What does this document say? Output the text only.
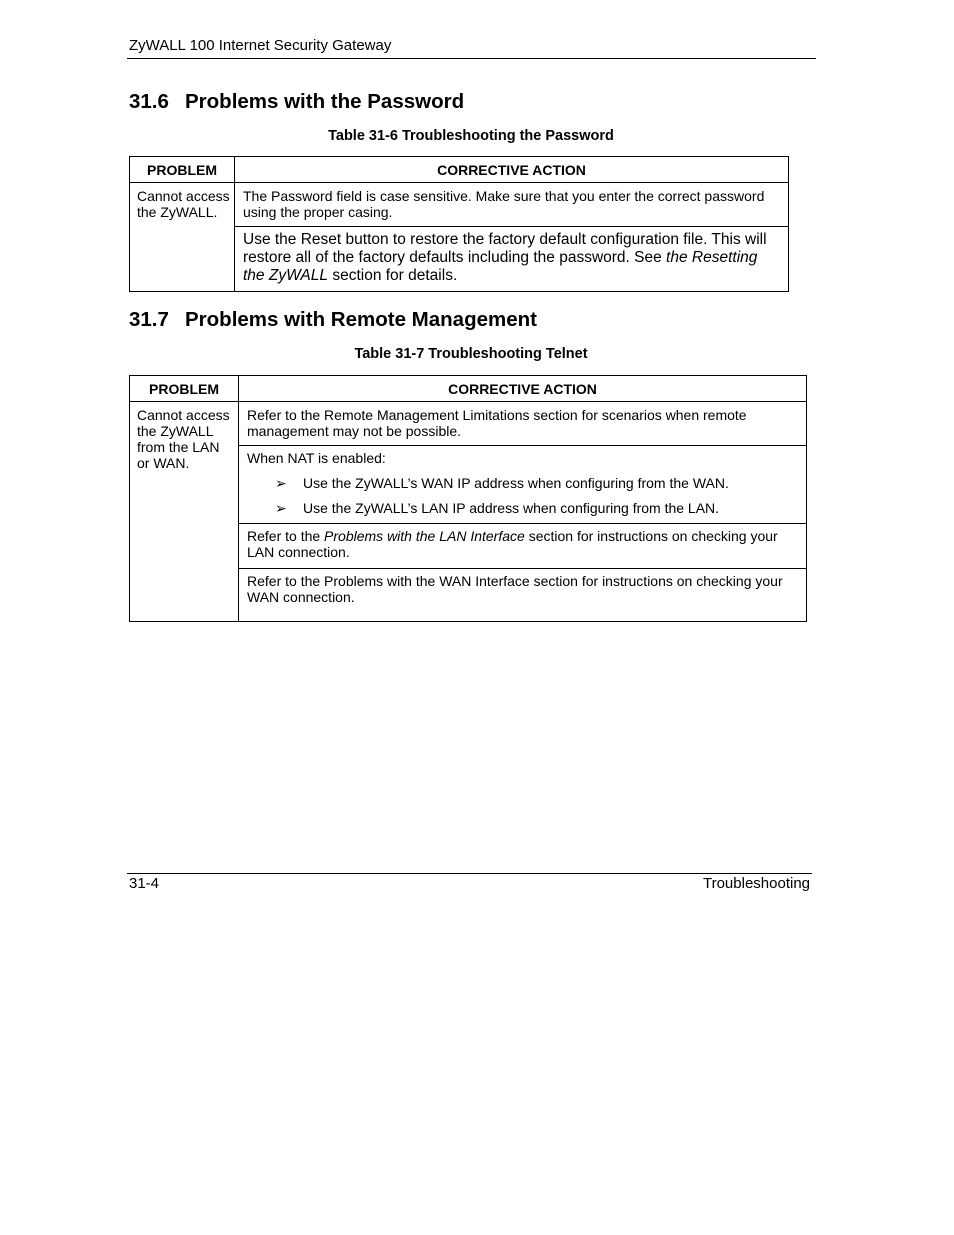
ZyWALL 100 Internet Security Gateway
31.6 Problems with the Password
Table 31-6 Troubleshooting the Password
PROBLEM	CORRECTIVE ACTION
Cannot access the ZyWALL.	The Password field is case sensitive. Make sure that you enter the correct password using the proper casing.
	Use the Reset button to restore the factory default configuration file. This will restore all of the factory defaults including the password. See the Resetting the ZyWALL section for details.
31.7 Problems with Remote Management
Table 31-7 Troubleshooting Telnet
PROBLEM	CORRECTIVE ACTION
Cannot access the ZyWALL from the LAN or WAN.	Refer to the Remote Management Limitations section for scenarios when remote management may not be possible.

	When NAT is enabled:
➢ Use the ZyWALL’s WAN IP address when configuring from the WAN.
➢ Use the ZyWALL’s LAN IP address when configuring from the LAN.

	Refer to the Problems with the LAN Interface section for instructions on checking your LAN connection.
	Refer to the Problems with the WAN Interface section for instructions on checking your WAN connection.
31-4	Troubleshooting
